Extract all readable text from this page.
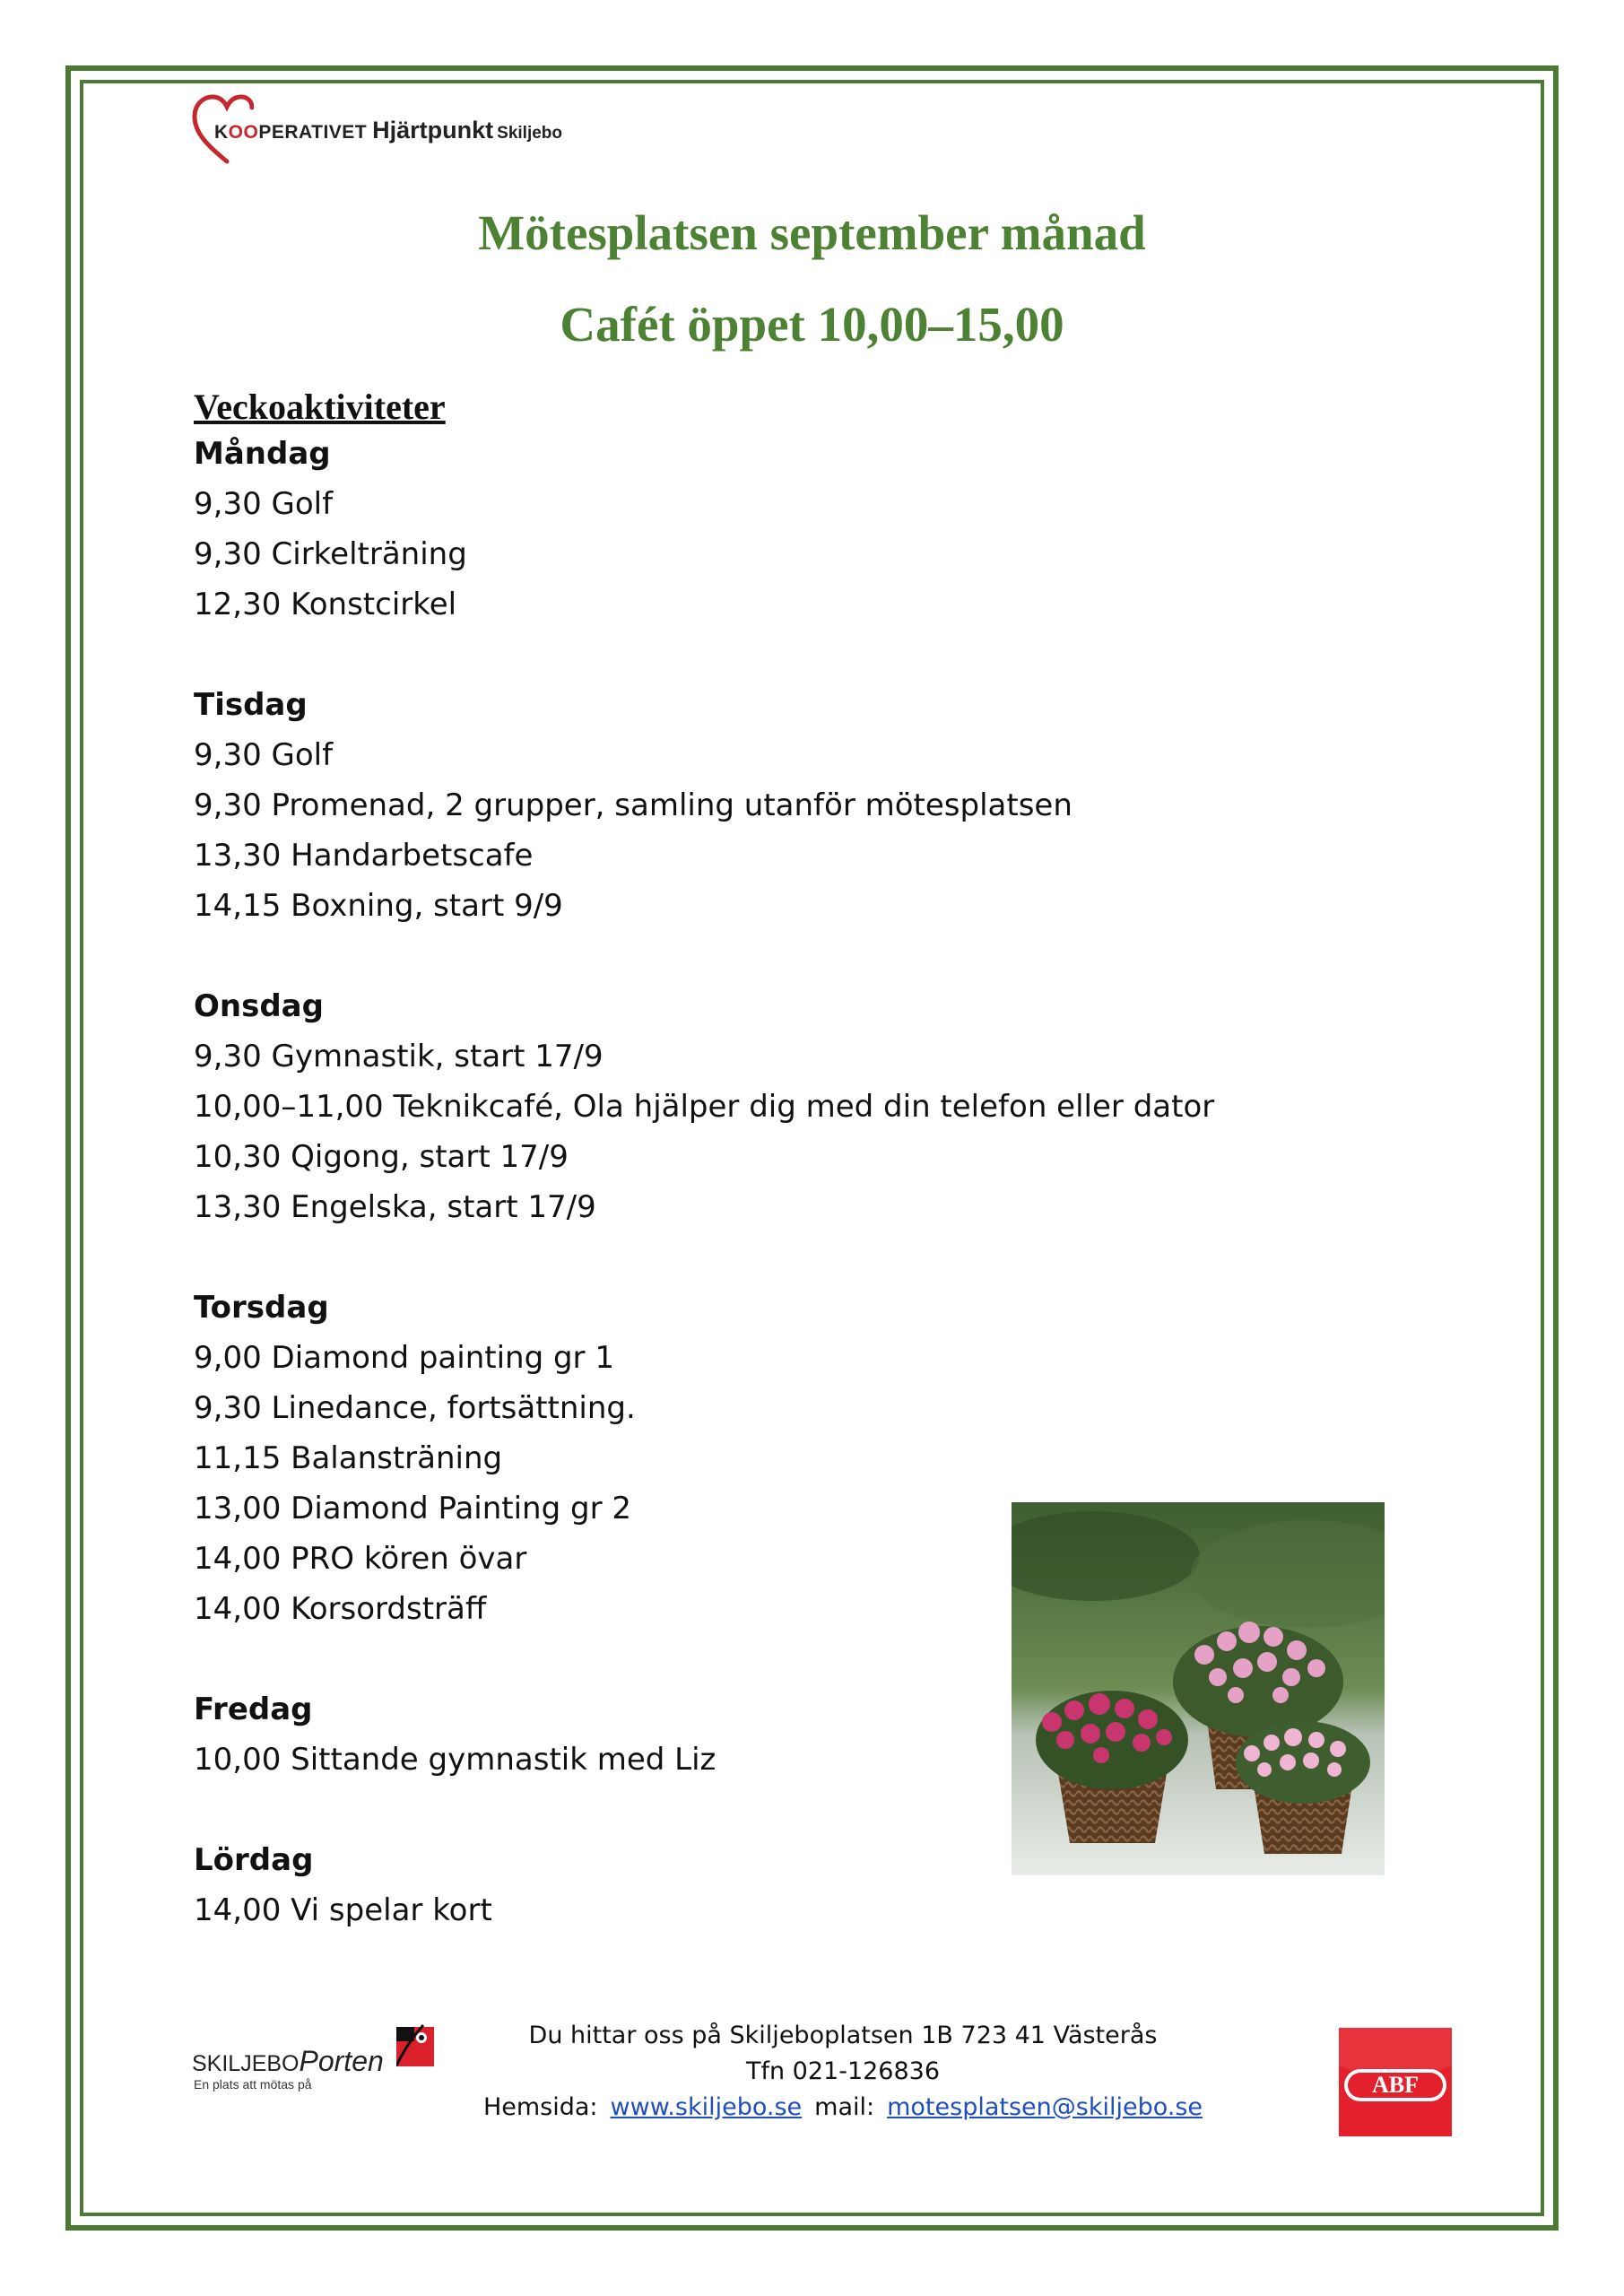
KOOPERATIVET Hjärtpunkt Skiljebo
Mötesplatsen september månad
Cafét öppet 10,00–15,00
Veckoaktiviteter
Måndag
9,30 Golf
9,30 Cirkelträning
12,30 Konstcirkel
Tisdag
9,30 Golf
9,30 Promenad, 2 grupper, samling utanför mötesplatsen
13,30 Handarbetscafe
14,15 Boxning, start 9/9
Onsdag
9,30 Gymnastik, start 17/9
10,00–11,00 Teknikcafé, Ola hjälper dig med din telefon eller dator
10,30 Qigong, start 17/9
13,30 Engelska, start 17/9
Torsdag
9,00 Diamond painting gr 1
9,30 Linedance, fortsättning.
11,15 Balansträning
13,00 Diamond Painting gr 2
14,00 PRO kören övar
14,00 Korsordsträff
Fredag
10,00 Sittande gymnastik med Liz
Lördag
14,00 Vi spelar kort
SKILJEBOPorten
En plats att mötas på
Du hittar oss på Skiljeboplatsen 1B 723 41 Västerås
Tfn 021-126836
Hemsida: www.skiljebo.se mail: motesplatsen@skiljebo.se
ABF
